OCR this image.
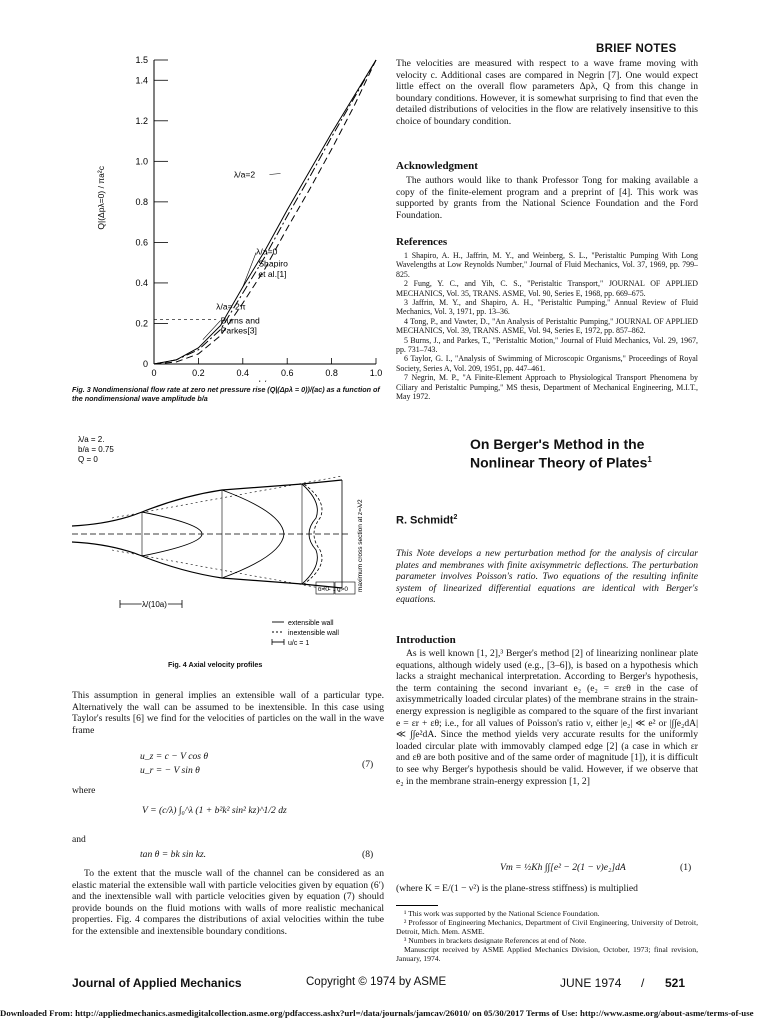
BRIEF NOTES
0
0.2
0.4
0.6
0.8
1.0
1.2
1.4
1.5
0	0.2	0.4	0.6	0.8	1.0
Q|(Δpλ=0) / πa²c	λ/a=2
λ/a=0
Shapiro
et al.[1]
λ/a= 2π
Burns and
Parkes[3]
Fig. 3 Nondimensional flow rate at zero net pressure rise (Q|(Δpλ = 0))/(ac) as a function of the nondimensional wave amplitude b/a
λ/a = 2.
b/a = 0.75
Q = 0
u<0 u>0 maximum cross section at z=λ/2
λ/(10a)
extensible wall
inextensible wall
u/c = 1
Fig. 4 Axial velocity profiles

This assumption in general implies an extensible wall of a particular type. Alternatively the wall can be assumed to be inextensible. In this case using Taylor's results [6] we find for the velocities of particles on the wall in the wave frame

u_z = c − V cos θ
u_r = − V sin θ
(7)
where
V = (c/λ) ∫₀^λ (1 + b²k² sin² kz)^1/2 dz
and
tan θ = bk sin kz.	(8)

To the extent that the muscle wall of the channel can be considered as an elastic material the extensible wall with particle velocities given by equation (6′) and the inextensible wall with particle velocities given by equation (7) should provide bounds on the fluid motions with walls of more realistic mechanical properties. Fig. 4 compares the distributions of axial velocities within the tube for the extensible and inextensible boundary conditions.

The velocities are measured with respect to a wave frame moving with velocity c. Additional cases are compared in Negrin [7]. One would expect little effect on the overall flow parameters Δpλ, Q from this change in boundary conditions. However, it is somewhat surprising to find that even the detailed distributions of velocities in the flow are relatively insensitive to this choice of boundary condition.

Acknowledgment

The authors would like to thank Professor Tong for making available a copy of the finite-element program and a preprint of [4]. This work was supported by grants from the National Science Foundation and the Ford Foundation.

References

1 Shapiro, A. H., Jaffrin, M. Y., and Weinberg, S. L., "Peristaltic Pumping With Long Wavelengths at Low Reynolds Number," Journal of Fluid Mechanics, Vol. 37, 1969, pp. 799–825.

2 Fung, Y. C., and Yih, C. S., "Peristaltic Transport," JOURNAL OF APPLIED MECHANICS, Vol. 35, TRANS. ASME, Vol. 90, Series E, 1968, pp. 669–675.

3 Jaffrin, M. Y., and Shapiro, A. H., "Peristaltic Pumping," Annual Review of Fluid Mechanics, Vol. 3, 1971, pp. 13–36.

4 Tong, P., and Vawter, D., "An Analysis of Peristaltic Pumping," JOURNAL OF APPLIED MECHANICS, Vol. 39, TRANS. ASME, Vol. 94, Series E, 1972, pp. 857–862.

5 Burns, J., and Parkes, T., "Peristaltic Motion," Journal of Fluid Mechanics, Vol. 29, 1967, pp. 731–743.

6 Taylor, G. I., "Analysis of Swimming of Microscopic Organisms," Proceedings of Royal Society, Series A, Vol. 209, 1951, pp. 447–461.

7 Negrin, M. P., "A Finite-Element Approach to Physiological Transport Phenomena by Ciliary and Peristaltic Pumping," MS thesis, Department of Mechanical Engineering, M.I.T., May 1972.

On Berger's Method in the Nonlinear Theory of Plates$^1$
R. Schmidt$^2$

This Note develops a new perturbation method for the analysis of circular plates and membranes with finite axisymmetric deflections. The perturbation parameter involves Poisson's ratio. Two equations of the resulting infinite system of linearized differential equations are identical with Berger's equations.

Introduction

As is well known [1, 2],³ Berger's method [2] of linearizing nonlinear plate equations, although widely used (e.g., [3–6]), is based on a hypothesis which lacks a straight mechanical interpretation. According to Berger's hypothesis, the term containing the second invariant e₂ (e₂ = εrεθ in the case of axisymmetrically loaded circular plates) of the membrane strains in the strain-energy expression is negligible as compared to the square of the first invariant e = εr + εθ; i.e., for all values of Poisson's ratio ν, either |e₂| ≪ e² or |∫∫e₂dA| ≪ ∫∫e²dA. Since the method yields very accurate results for the uniformly loaded circular plate with immovably clamped edge [2] (a case in which εr and εθ are both positive and of the same order of magnitude [1]), it is difficult to see why Berger's hypothesis should be valid. However, if we observe that e₂ in the membrane strain-energy expression [1, 2]

Vm = ½Kh ∫∫[e² − 2(1 − ν)e₂]dA	(1)

(where K = E/(1 − ν²) is the plane-stress stiffness) is multiplied

¹ This work was supported by the National Science Foundation.

² Professor of Engineering Mechanics, Department of Civil Engineering, University of Detroit, Detroit, Mich. Mem. ASME.

³ Numbers in brackets designate References at end of Note.

Manuscript received by ASME Applied Mechanics Division, October, 1973; final revision, January, 1974.

Journal of Applied Mechanics	Copyright © 1974 by ASME	JUNE 1974 / 521
Downloaded From: http://appliedmechanics.asmedigitalcollection.asme.org/pdfaccess.ashx?url=/data/journals/jamcav/26010/ on 05/30/2017 Terms of Use: http://www.asme.org/about-asme/terms-of-use
